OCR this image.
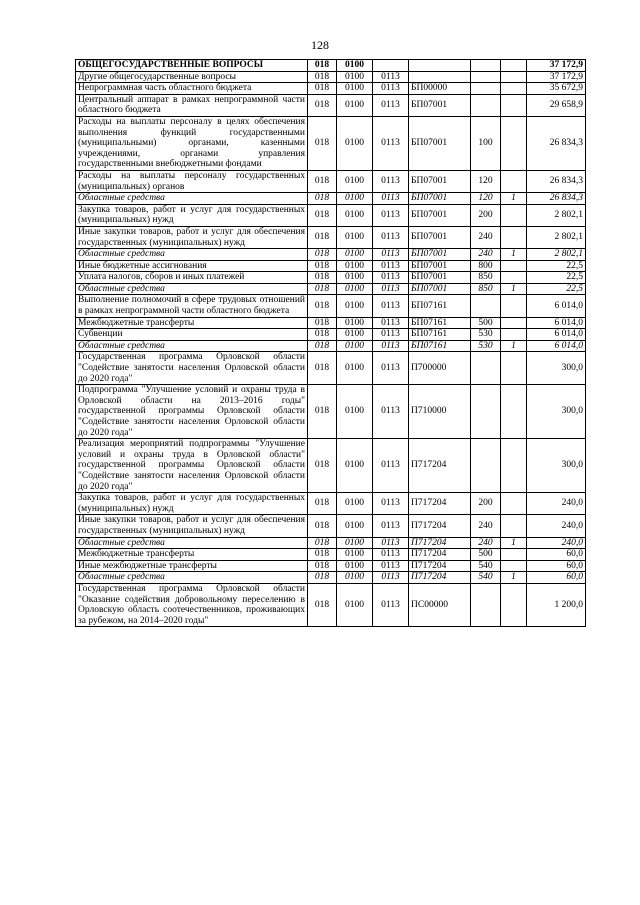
128
ОБЩЕГОСУДАРСТВЕННЫЕ ВОПРОСЫ	018	0100					37 172,9
Другие общегосударственные вопросы	018	0100	0113				37 172,9
Непрограммная часть областного бюджета	018	0100	0113	БП00000			35 672,9
Центральный аппарат в рамках непрограммной части областного бюджета	018	0100	0113	БП07001			29 658,9
Расходы на выплаты персоналу в целях обеспечения выполнения функций государственными (муниципальными) органами, казенными учреждениями, органами управления государственными внебюджетными фондами	018	0100	0113	БП07001	100		26 834,3
Расходы на выплаты персоналу государственных (муниципальных) органов	018	0100	0113	БП07001	120		26 834,3
Областные средства	018	0100	0113	БП07001	120	1	26 834,3
Закупка товаров, работ и услуг для государственных (муниципальных) нужд	018	0100	0113	БП07001	200		2 802,1
Иные закупки товаров, работ и услуг для обеспечения государственных (муниципальных) нужд	018	0100	0113	БП07001	240		2 802,1
Областные средства	018	0100	0113	БП07001	240	1	2 802,1
Иные бюджетные ассигнования	018	0100	0113	БП07001	800		22,5
Уплата налогов, сборов и иных платежей	018	0100	0113	БП07001	850		22,5
Областные средства	018	0100	0113	БП07001	850	1	22,5
Выполнение полномочий в сфере трудовых отношений в рамках непрограммной части областного бюджета	018	0100	0113	БП07161			6 014,0
Межбюджетные трансферты	018	0100	0113	БП07161	500		6 014,0
Субвенции	018	0100	0113	БП07161	530		6 014,0
Областные средства	018	0100	0113	БП07161	530	1	6 014,0
Государственная программа Орловской области "Содействие занятости населения Орловской области до 2020 года"	018	0100	0113	П700000			300,0
Подпрограмма "Улучшение условий и охраны труда в Орловской области на 2013–2016 годы" государственной программы Орловской области "Содействие занятости населения Орловской области до 2020 года"	018	0100	0113	П710000			300,0
Реализация мероприятий подпрограммы "Улучшение условий и охраны труда в Орловской области" государственной программы Орловской области "Содействие занятости населения Орловской области до 2020 года"	018	0100	0113	П717204			300,0
Закупка товаров, работ и услуг для государственных (муниципальных) нужд	018	0100	0113	П717204	200		240,0
Иные закупки товаров, работ и услуг для обеспечения государственных (муниципальных) нужд	018	0100	0113	П717204	240		240,0
Областные средства	018	0100	0113	П717204	240	1	240,0
Межбюджетные трансферты	018	0100	0113	П717204	500		60,0
Иные межбюджетные трансферты	018	0100	0113	П717204	540		60,0
Областные средства	018	0100	0113	П717204	540	1	60,0
Государственная программа Орловской области "Оказание содействия добровольному переселению в Орловскую область соотечественников, проживающих за рубежом, на 2014–2020 годы"	018	0100	0113	ПС00000			1 200,0
